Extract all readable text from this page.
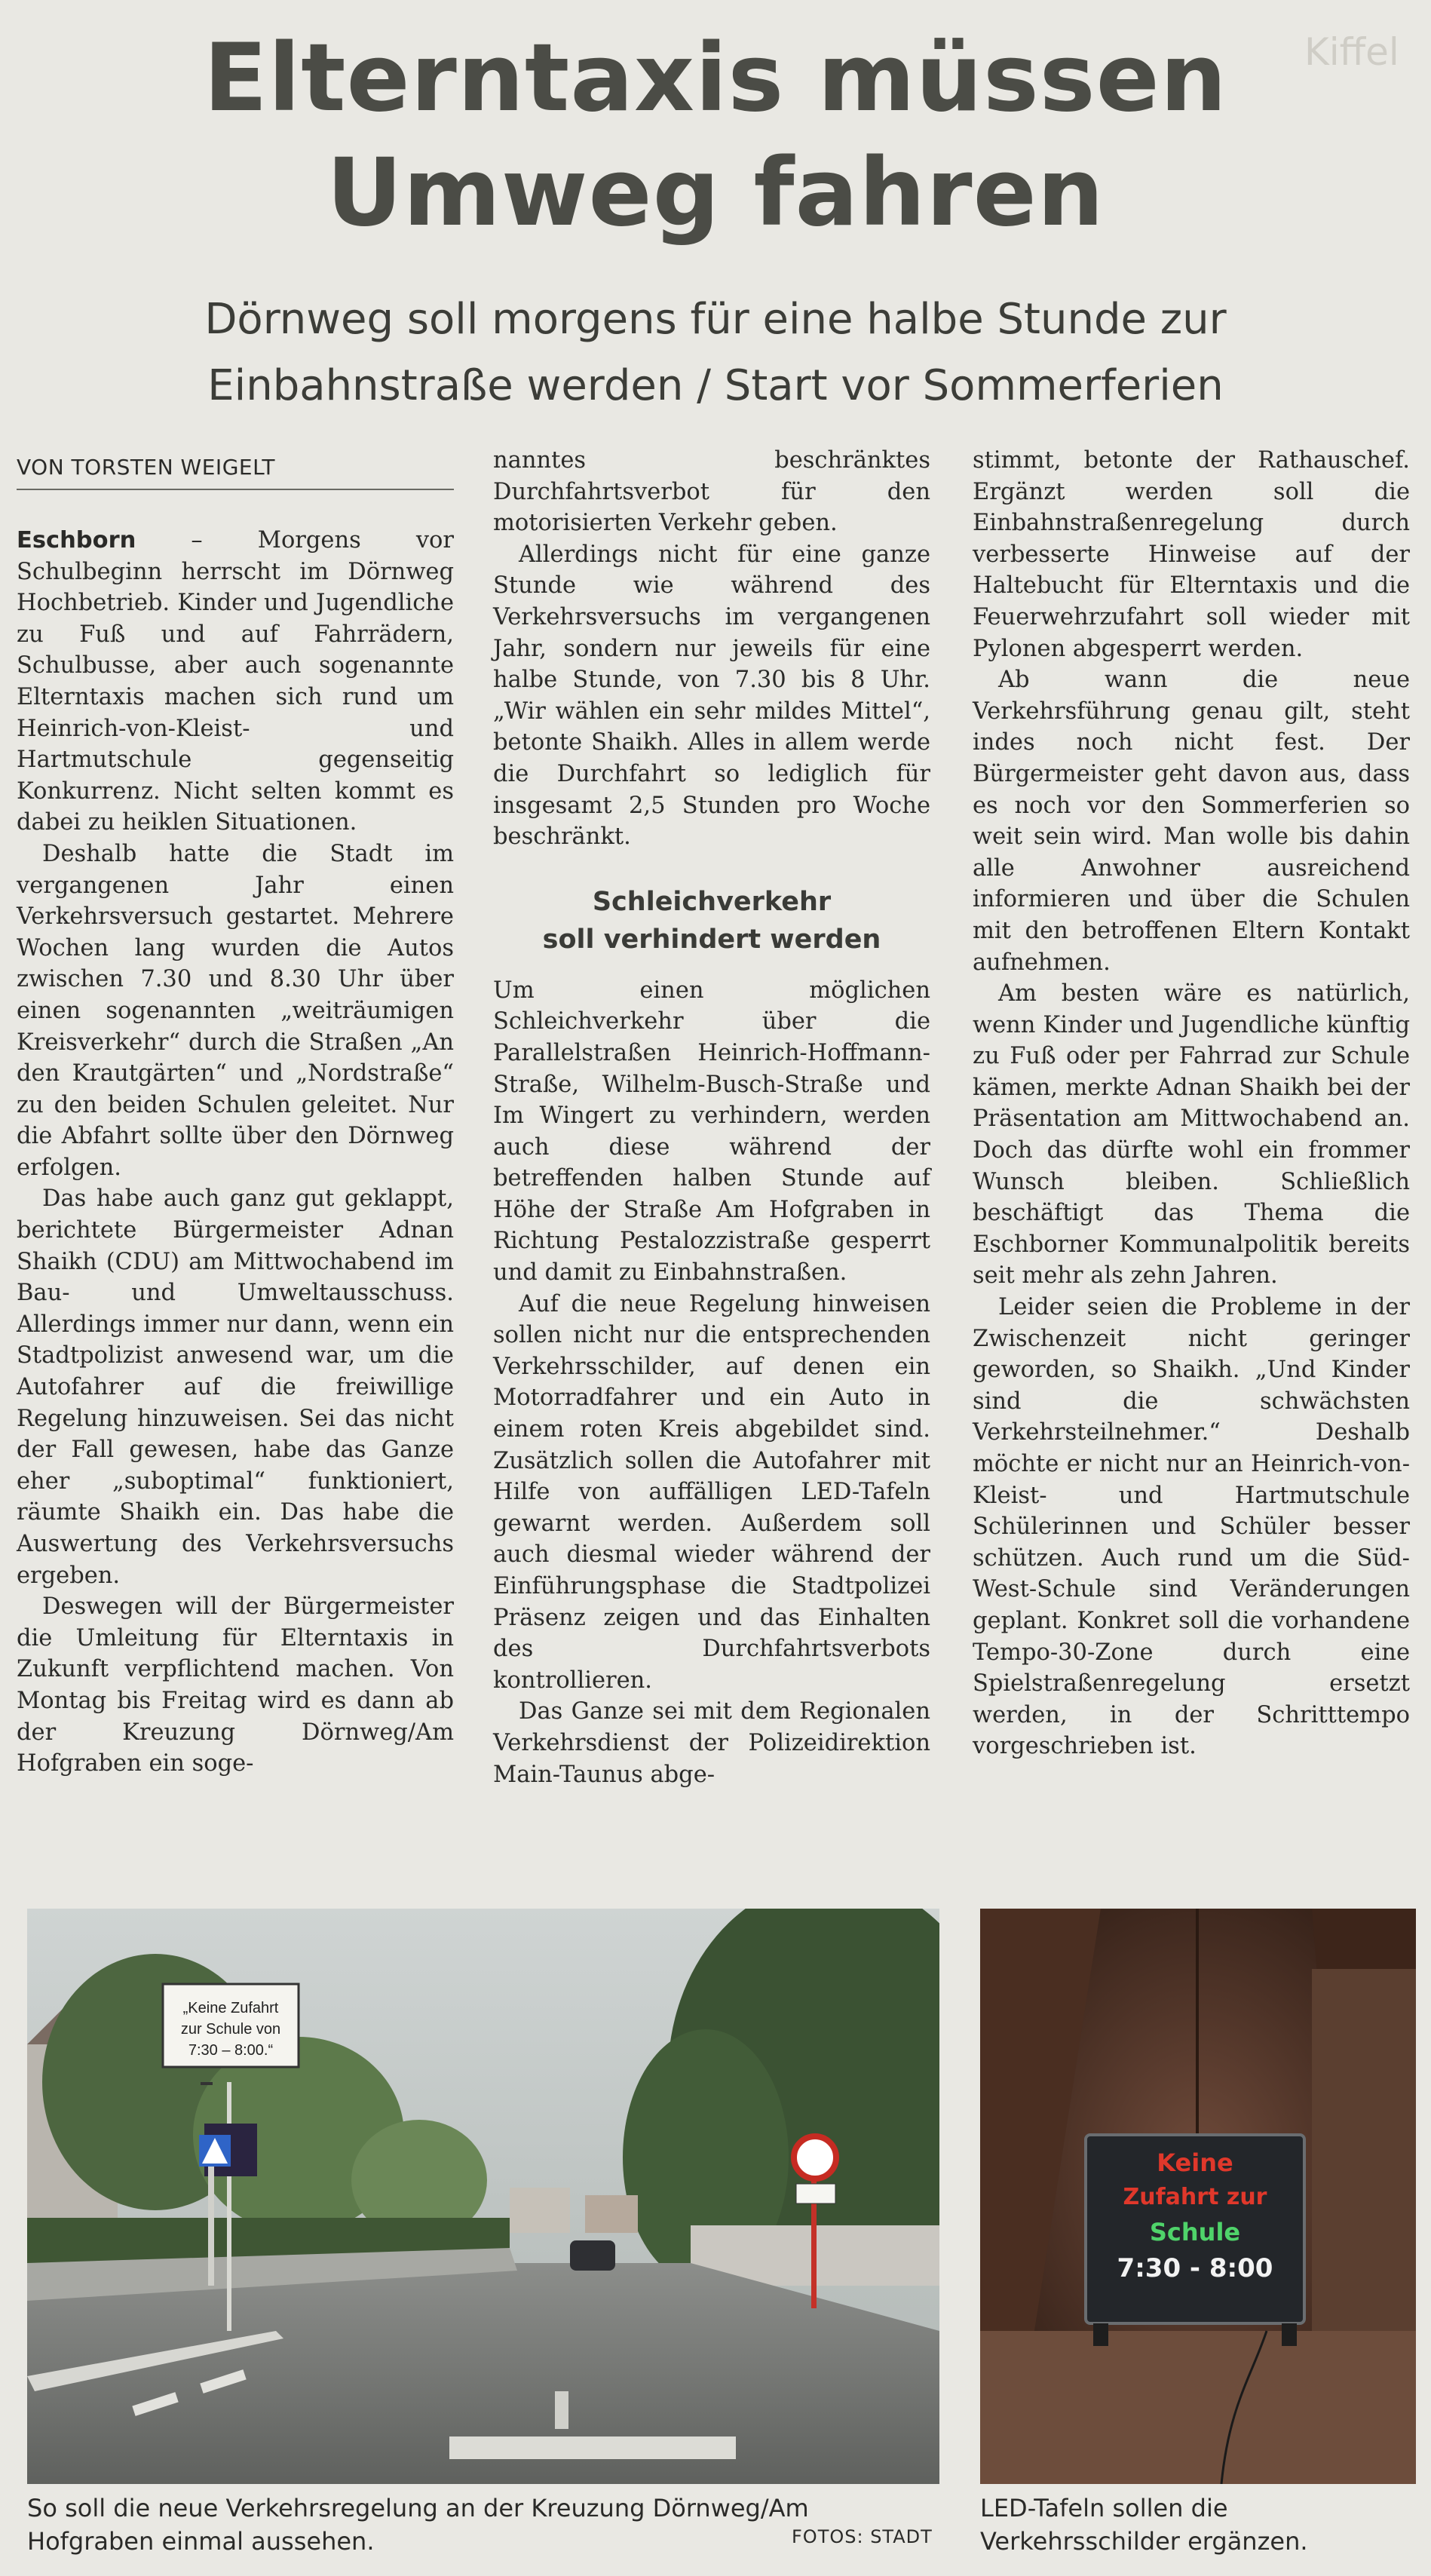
Kiffel
Elterntaxis müssen
Umweg fahren
Dörnweg soll morgens für eine halbe Stunde zur
Einbahnstraße werden / Start vor Sommerferien
VON TORSTEN WEIGELT

Eschborn – Morgens vor Schulbeginn herrscht im Dörnweg Hochbetrieb. Kinder und Jugendliche zu Fuß und auf Fahrrädern, Schulbusse, aber auch sogenannte Elterntaxis machen sich rund um Heinrich-von-Kleist- und Hartmutschule gegenseitig Konkurrenz. Nicht selten kommt es dabei zu heiklen Situationen.

Deshalb hatte die Stadt im vergangenen Jahr einen Verkehrsversuch gestartet. Mehrere Wochen lang wurden die Autos zwischen 7.30 und 8.30 Uhr über einen sogenannten „weiträumigen Kreisverkehr“ durch die Straßen „An den Krautgärten“ und „Nordstraße“ zu den beiden Schulen geleitet. Nur die Abfahrt sollte über den Dörnweg erfolgen.

Das habe auch ganz gut geklappt, berichtete Bürgermeister Adnan Shaikh (CDU) am Mittwochabend im Bau- und Umweltausschuss. Allerdings immer nur dann, wenn ein Stadtpolizist anwesend war, um die Autofahrer auf die freiwillige Regelung hinzuweisen. Sei das nicht der Fall gewesen, habe das Ganze eher „suboptimal“ funktioniert, räumte Shaikh ein. Das habe die Auswertung des Verkehrsversuchs ergeben.

Deswegen will der Bürgermeister die Umleitung für Elterntaxis in Zukunft verpflichtend machen. Von Montag bis Freitag wird es dann ab der Kreuzung Dörnweg/Am Hofgraben ein soge-

nanntes beschränktes Durchfahrtsverbot für den motorisierten Verkehr geben.

Allerdings nicht für eine ganze Stunde wie während des Verkehrsversuchs im vergangenen Jahr, sondern nur jeweils für eine halbe Stunde, von 7.30 bis 8 Uhr. „Wir wählen ein sehr mildes Mittel“, betonte Shaikh. Alles in allem werde die Durchfahrt so lediglich für insgesamt 2,5 Stunden pro Woche beschränkt.

Schleichverkehr
soll verhindert werden

Um einen möglichen Schleichverkehr über die Parallelstraßen Heinrich-Hoffmann-Straße, Wilhelm-Busch-Straße und Im Wingert zu verhindern, werden auch diese während der betreffenden halben Stunde auf Höhe der Straße Am Hofgraben in Richtung Pestalozzistraße gesperrt und damit zu Einbahnstraßen.

Auf die neue Regelung hinweisen sollen nicht nur die entsprechenden Verkehrsschilder, auf denen ein Motorradfahrer und ein Auto in einem roten Kreis abgebildet sind. Zusätzlich sollen die Autofahrer mit Hilfe von auffälligen LED-Tafeln gewarnt werden. Außerdem soll auch diesmal wieder während der Einführungsphase die Stadtpolizei Präsenz zeigen und das Einhalten des Durchfahrtsverbots kontrollieren.

Das Ganze sei mit dem Regionalen Verkehrsdienst der Polizeidirektion Main-Taunus abge-

stimmt, betonte der Rathauschef. Ergänzt werden soll die Einbahnstraßenregelung durch verbesserte Hinweise auf der Haltebucht für Elterntaxis und die Feuerwehrzufahrt soll wieder mit Pylonen abgesperrt werden.

Ab wann die neue Verkehrsführung genau gilt, steht indes noch nicht fest. Der Bürgermeister geht davon aus, dass es noch vor den Sommerferien so weit sein wird. Man wolle bis dahin alle Anwohner ausreichend informieren und über die Schulen mit den betroffenen Eltern Kontakt aufnehmen.

Am besten wäre es natürlich, wenn Kinder und Jugendliche künftig zu Fuß oder per Fahrrad zur Schule kämen, merkte Adnan Shaikh bei der Präsentation am Mittwochabend an. Doch das dürfte wohl ein frommer Wunsch bleiben. Schließlich beschäftigt das Thema die Eschborner Kommunalpolitik bereits seit mehr als zehn Jahren.

Leider seien die Probleme in der Zwischenzeit nicht geringer geworden, so Shaikh. „Und Kinder sind die schwächsten Verkehrsteilnehmer.“ Deshalb möchte er nicht nur an Heinrich-von-Kleist- und Hartmutschule Schülerinnen und Schüler besser schützen. Auch rund um die Süd-West-Schule sind Veränderungen geplant. Konkret soll die vorhandene Tempo-30-Zone durch eine Spielstraßenregelung ersetzt werden, in der Schritttempo vorgeschrieben ist.

„Keine Zufahrt
zur Schule von
7:30 – 8:00.“
Keine
Zufahrt zur
Schule
7:30 - 8:00
So soll die neue Verkehrsregelung an der Kreuzung Dörnweg/Am Hofgraben einmal aussehen.	FOTOS: STADT
LED-Tafeln sollen die Verkehrsschilder ergänzen.
